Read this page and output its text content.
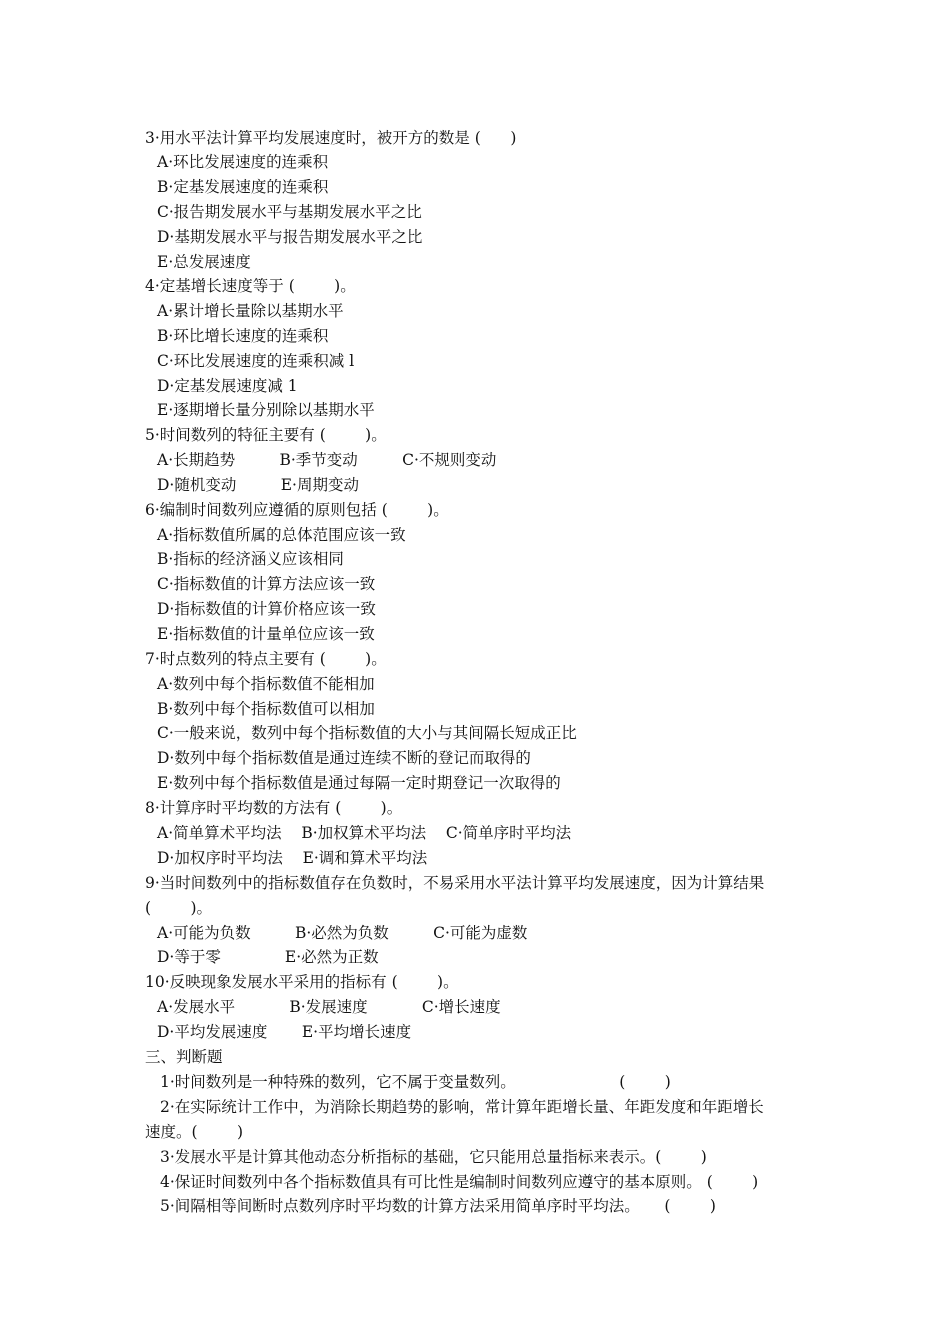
3·用水平法计算平均发展速度时，被开方的数是 (      )
A·环比发展速度的连乘积
B·定基发展速度的连乘积
C·报告期发展水平与基期发展水平之比
D·基期发展水平与报告期发展水平之比
E·总发展速度
4·定基增长速度等于 (        )。
A·累计增长量除以基期水平
B·环比增长速度的连乘积
C·环比发展速度的连乘积减 l
D·定基发展速度减 1
E·逐期增长量分别除以基期水平
5·时间数列的特征主要有 (        )。
A·长期趋势         B·季节变动         C·不规则变动
D·随机变动         E·周期变动
6·编制时间数列应遵循的原则包括 (        )。
A·指标数值所属的总体范围应该一致
B·指标的经济涵义应该相同
C·指标数值的计算方法应该一致
D·指标数值的计算价格应该一致
E·指标数值的计量单位应该一致
7·时点数列的特点主要有 (        )。
A·数列中每个指标数值不能相加
B·数列中每个指标数值可以相加
C·一般来说，数列中每个指标数值的大小与其间隔长短成正比
D·数列中每个指标数值是通过连续不断的登记而取得的
E·数列中每个指标数值是通过每隔一定时期登记一次取得的
8·计算序时平均数的方法有 (        )。
A·简单算术平均法    B·加权算术平均法    C·简单序时平均法
D·加权序时平均法    E·调和算术平均法
9·当时间数列中的指标数值存在负数时，不易采用水平法计算平均发展速度，因为计算结果
(        )。
A·可能为负数         B·必然为负数         C·可能为虚数
D·等于零             E·必然为正数
10·反映现象发展水平采用的指标有 (        )。
A·发展水平           B·发展速度           C·增长速度
D·平均发展速度       E·平均增长速度
三、判断题
1·时间数列是一种特殊的数列，它不属于变量数列。                     (        )
2·在实际统计工作中，为消除长期趋势的影响，常计算年距增长量、年距发度和年距增长
速度。(        )
3·发展水平是计算其他动态分析指标的基础，它只能用总量指标来表示。(        )
4·保证时间数列中各个指标数值具有可比性是编制时间数列应遵守的基本原则。 (        )
5·间隔相等间断时点数列序时平均数的计算方法采用简单序时平均法。     (        )
